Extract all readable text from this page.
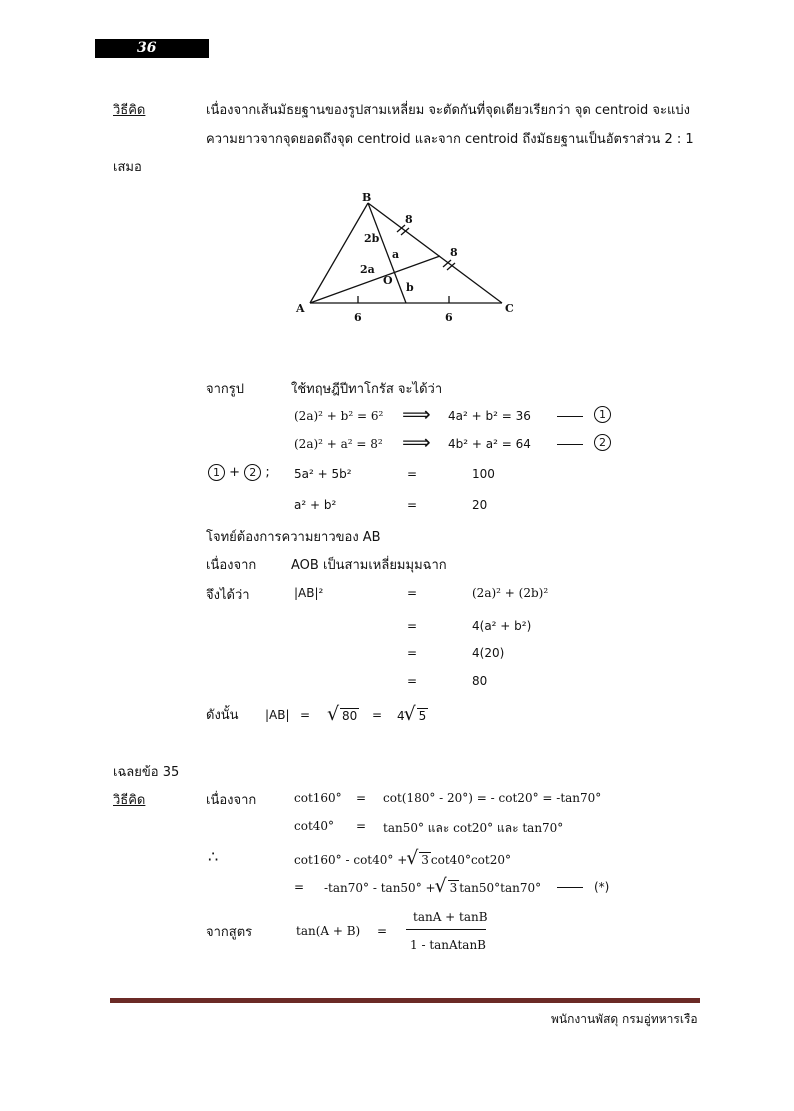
36
วิธีคิด	เนื่องจากเส้นมัธยฐานของรูปสามเหลี่ยม จะตัดกันที่จุดเดียวเรียกว่า จุด centroid จะแบ่ง
ความยาวจากจุดยอดถึงจุด centroid และจาก centroid ถึงมัธยฐานเป็นอัตราส่วน 2 : 1
เสมอ
B
A	C
O
2b
a
2a
b
8
8
6	6
จากรูป	ใช้ทฤษฎีปีทาโกรัส จะได้ว่า
(2a)² + b² = 6² ⟹ 4a² + b² = 36	1
(2a)² + a² = 8² ⟹ 4b² + a² = 64	2
1 + 2 ; 5a² + 5b²	=	100
a² + b²	=	20
โจทย์ต้องการความยาวของ AB
เนื่องจาก	AOB เป็นสามเหลี่ยมมุมฉาก
จึงได้ว่า	|AB|²	=	(2a)² + (2b)²
=	4(a² + b²)
=	4(20)
=	80
ดังนั้น |AB| =	√ 80 = 4 √ 5
เฉลยข้อ 35
วิธีคิด	เนื่องจาก	cot160° = cot(180° - 20°) = - cot20° = -tan70°
cot40° = tan50° และ cot20° และ tan70°
∴	cot160° - cot40° + √ 3 cot40°cot20°
= -tan70° - tan50° + √ 3 tan50°tan70°	(*)
จากสูตร	tan(A + B) =
tanA + tanB
1 - tanAtanB
พนักงานพัสดุ กรมอู่ทหารเรือ
